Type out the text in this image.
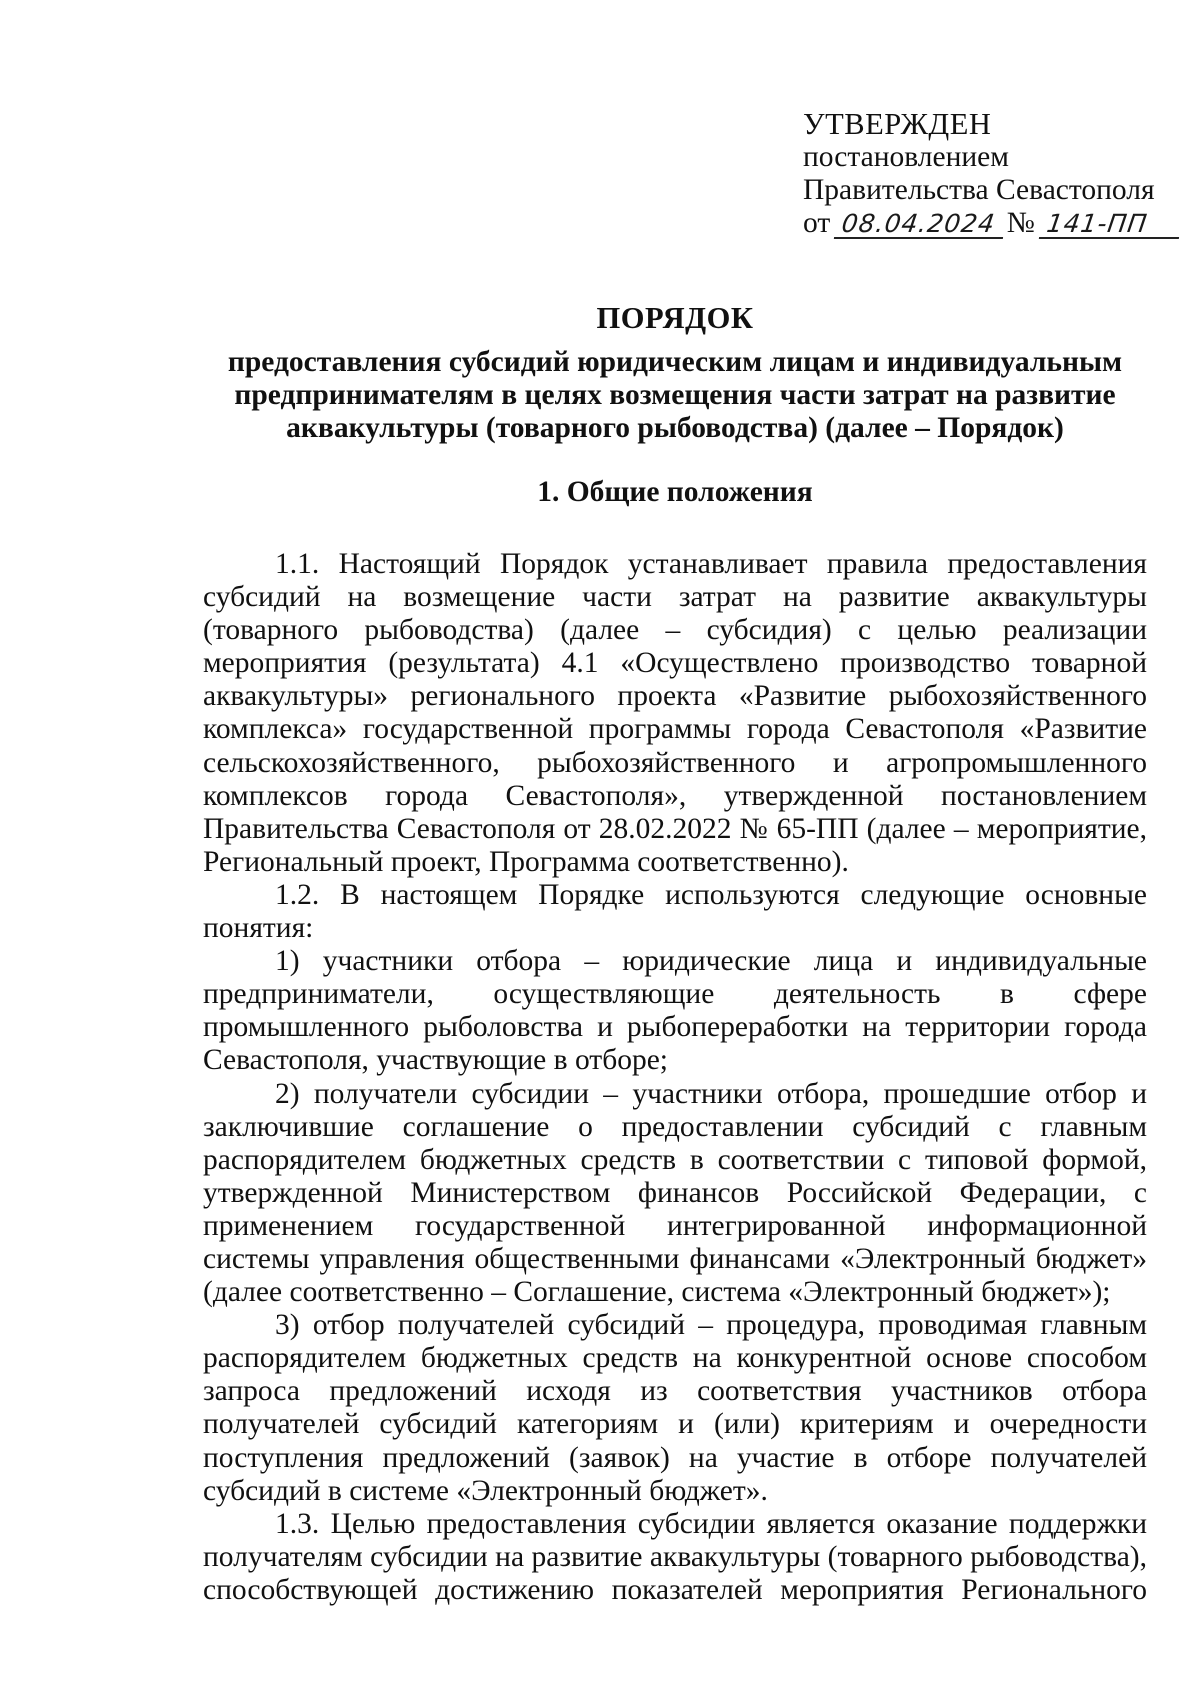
УТВЕРЖДЕН
постановлением
Правительства Севастополя
от 08.04.2024 № 141-ПП
ПОРЯДОК
предоставления субсидий юридическим лицам и индивидуальным предпринимателям в целях возмещения части затрат на развитие аквакультуры (товарного рыбоводства) (далее – Порядок)
1. Общие положения

1.1. Настоящий Порядок устанавливает правила предоставления субсидий на возмещение части затрат на развитие аквакультуры (товарного рыбоводства) (далее – субсидия) с целью реализации мероприятия (результата) 4.1 «Осуществлено производство товарной аквакультуры» регионального проекта «Развитие рыбохозяйственного комплекса» государственной программы города Севастополя «Развитие сельскохозяйственного, рыбохозяйственного и агропромышленного комплексов города Севастополя», утвержденной постановлением Правительства Севастополя от 28.02.2022 № 65-ПП (далее – мероприятие, Региональный проект, Программа соответственно).

1.2. В настоящем Порядке используются следующие основные понятия:

1) участники отбора – юридические лица и индивидуальные предприниматели, осуществляющие деятельность в сфере промышленного рыболовства и рыбопереработки на территории города Севастополя, участвующие в отборе;

2) получатели субсидии – участники отбора, прошедшие отбор и заключившие соглашение о предоставлении субсидий с главным распорядителем бюджетных средств в соответствии с типовой формой, утвержденной Министерством финансов Российской Федерации, с применением государственной интегрированной информационной системы управления общественными финансами «Электронный бюджет» (далее соответственно – Соглашение, система «Электронный бюджет»);

3) отбор получателей субсидий – процедура, проводимая главным распорядителем бюджетных средств на конкурентной основе способом запроса предложений исходя из соответствия участников отбора получателей субсидий категориям и (или) критериям и очередности поступления предложений (заявок) на участие в отборе получателей субсидий в системе «Электронный бюджет».

1.3. Целью предоставления субсидии является оказание поддержки получателям субсидии на развитие аквакультуры (товарного рыбоводства), способствующей достижению показателей мероприятия Регионального
